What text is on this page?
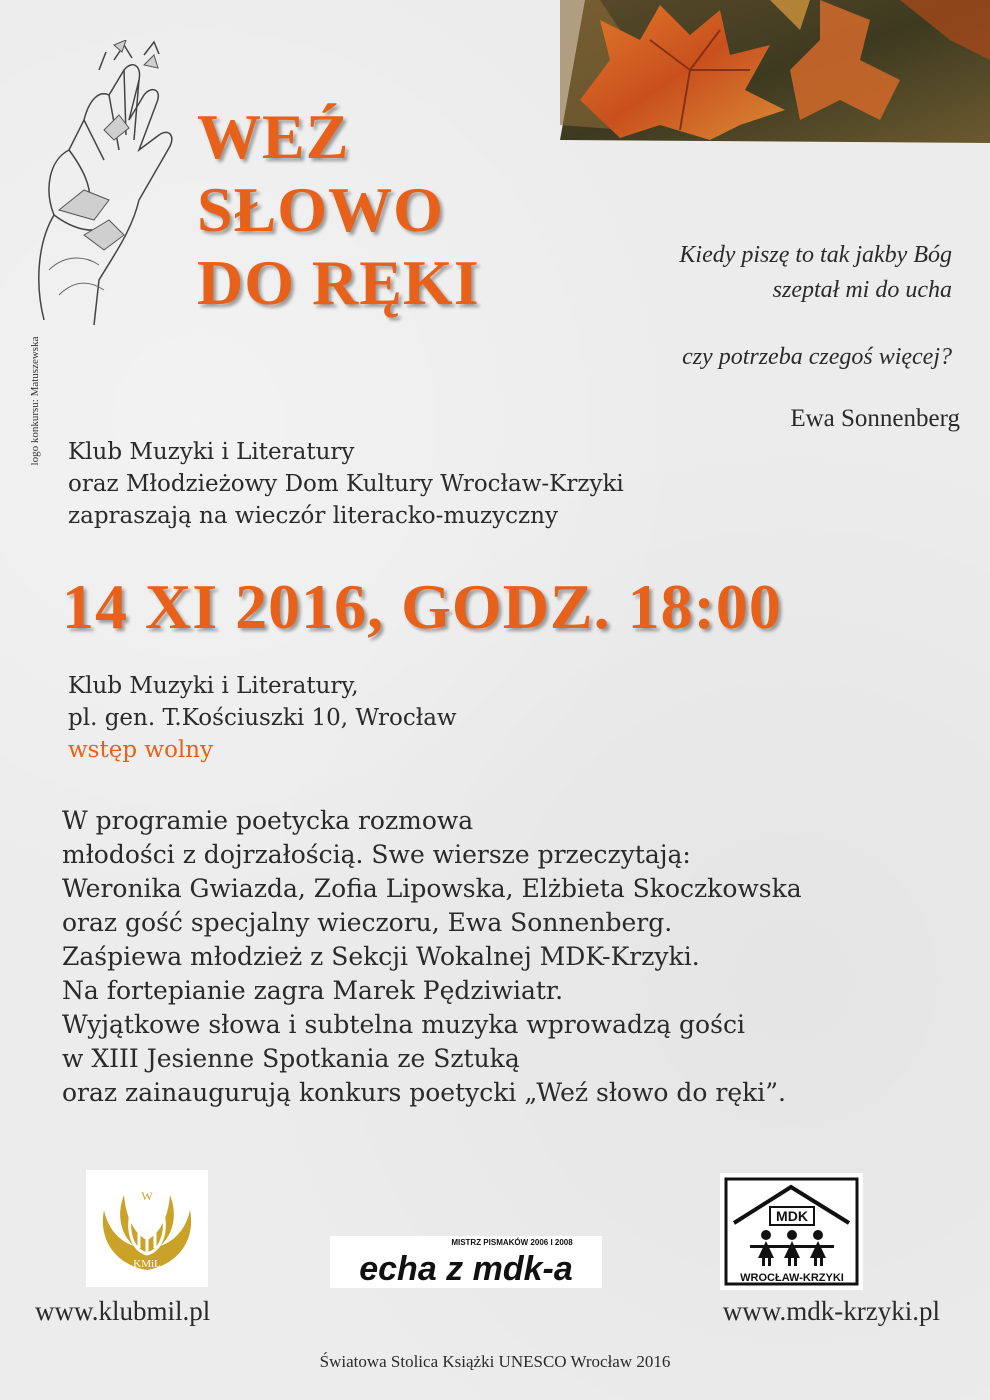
logo konkursu: Matuszewska
WEŹ
SŁOWO
DO RĘKI	Kiedy piszę to tak jakby Bóg
szeptał mi do ucha
czy potrzeba czegoś więcej?
Ewa Sonnenberg
Klub Muzyki i Literatury
oraz Młodzieżowy Dom Kultury Wrocław-Krzyki
zapraszają na wieczór literacko-muzyczny
14 XI 2016, GODZ. 18:00
Klub Muzyki i Literatury,
pl. gen. T.Kościuszki 10, Wrocław
wstęp wolny
W programie poetycka rozmowa
młodości z dojrzałością. Swe wiersze przeczytają:
Weronika Gwiazda, Zofia Lipowska, Elżbieta Skoczkowska
oraz gość specjalny wieczoru, Ewa Sonnenberg.
Zaśpiewa młodzież z Sekcji Wokalnej MDK-Krzyki.
Na fortepianie zagra Marek Pędziwiatr.
Wyjątkowe słowa i subtelna muzyka wprowadzą gości
w XIII Jesienne Spotkania ze Sztuką
oraz zainaugurują konkurs poetycki „Weź słowo do ręki”.
W
KMiL
MISTRZ PISMAKÓW 2006 I 2008
echa z mdk-a
MDK
WROCŁAW-KRZYKI
www.klubmil.pl	www.mdk-krzyki.pl
Światowa Stolica Książki UNESCO Wrocław 2016
